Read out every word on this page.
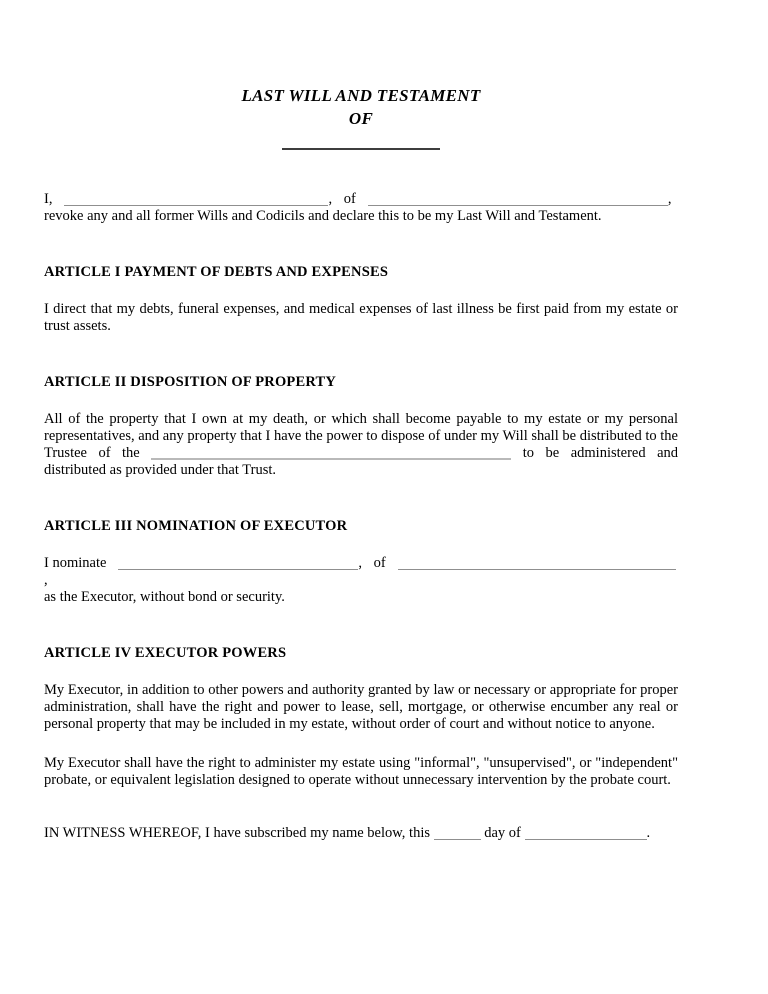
LAST WILL AND TESTAMENT
OF

I,	, of	,

revoke any and all former Wills and Codicils and declare this to be my Last Will and Testament.

ARTICLE I PAYMENT OF DEBTS AND EXPENSES

I direct that my debts, funeral expenses, and medical expenses of last illness be first paid from my estate or trust assets.

ARTICLE II DISPOSITION OF PROPERTY

All of the property that I own at my death, or which shall become payable to my estate or my personal representatives, and any property that I have the power to dispose of under my Will shall be distributed to the Trustee of the	to be administered and distributed as provided under that Trust.

ARTICLE III NOMINATION OF EXECUTOR

I nominate	, of,

as the Executor, without bond or security.

ARTICLE IV EXECUTOR POWERS

My Executor, in addition to other powers and authority granted by law or necessary or appropriate for proper administration, shall have the right and power to lease, sell, mortgage, or otherwise encumber any real or personal property that may be included in my estate, without order of court and without notice to anyone.

My Executor shall have the right to administer my estate using "informal", "unsupervised", or "independent" probate, or equivalent legislation designed to operate without unnecessary intervention by the probate court.

IN WITNESS WHEREOF, I have subscribed my name below, this	day of	.
